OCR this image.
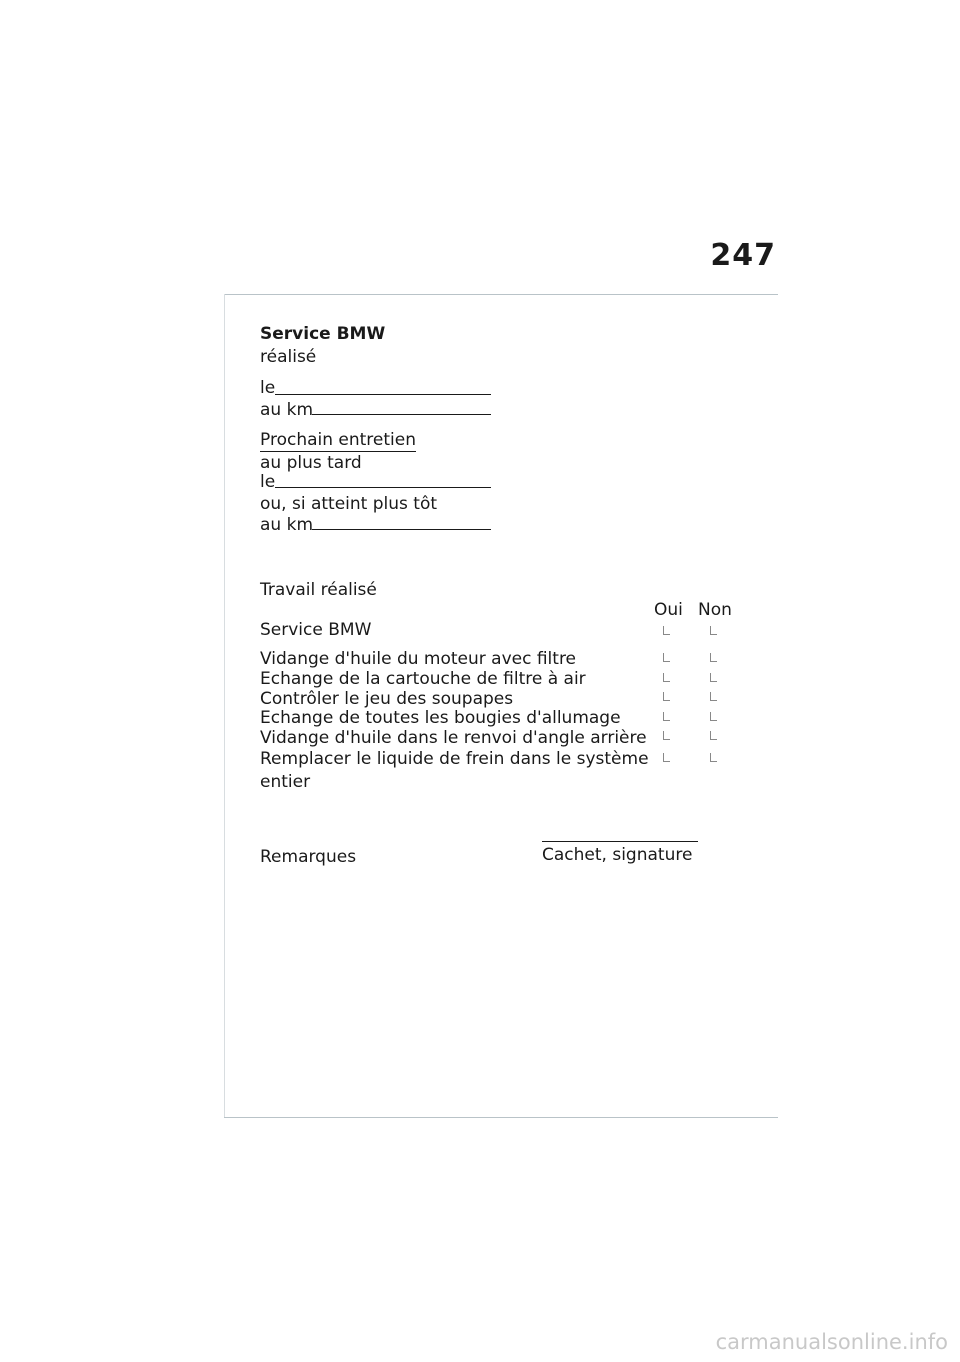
247
Service BMW
réalisé
le
au km
Prochain entretien
au plus tard
le
ou, si atteint plus tôt
au km
Travail réalisé
Oui Non
Service BMW
Vidange d'huile du moteur avec filtre
Echange de la cartouche de filtre à air
Contrôler le jeu des soupapes
Echange de toutes les bougies d'allumage
Vidange d'huile dans le renvoi d'angle arrière
Remplacer le liquide de frein dans le système
entier
Cachet, signature
Remarques
carmanualsonline.info
